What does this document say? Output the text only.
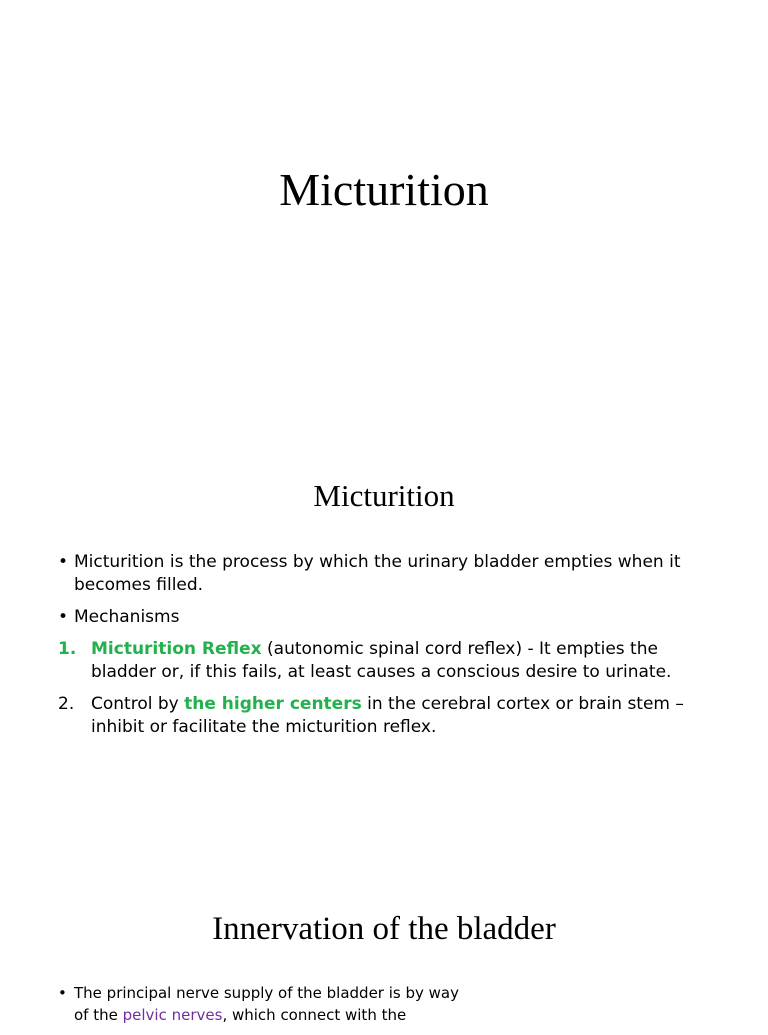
Micturition
Micturition
• Micturition is the process by which the urinary bladder empties when it becomes filled.
• Mechanisms
1. Micturition Reflex (autonomic spinal cord reflex) - It empties the bladder or, if this fails, at least causes a conscious desire to urinate.
2. Control by the higher centers in the cerebral cortex or brain stem – inhibit or facilitate the micturition reflex.
Innervation of the bladder
• The principal nerve supply of the bladder is by way of the pelvic nerves, which connect with the
